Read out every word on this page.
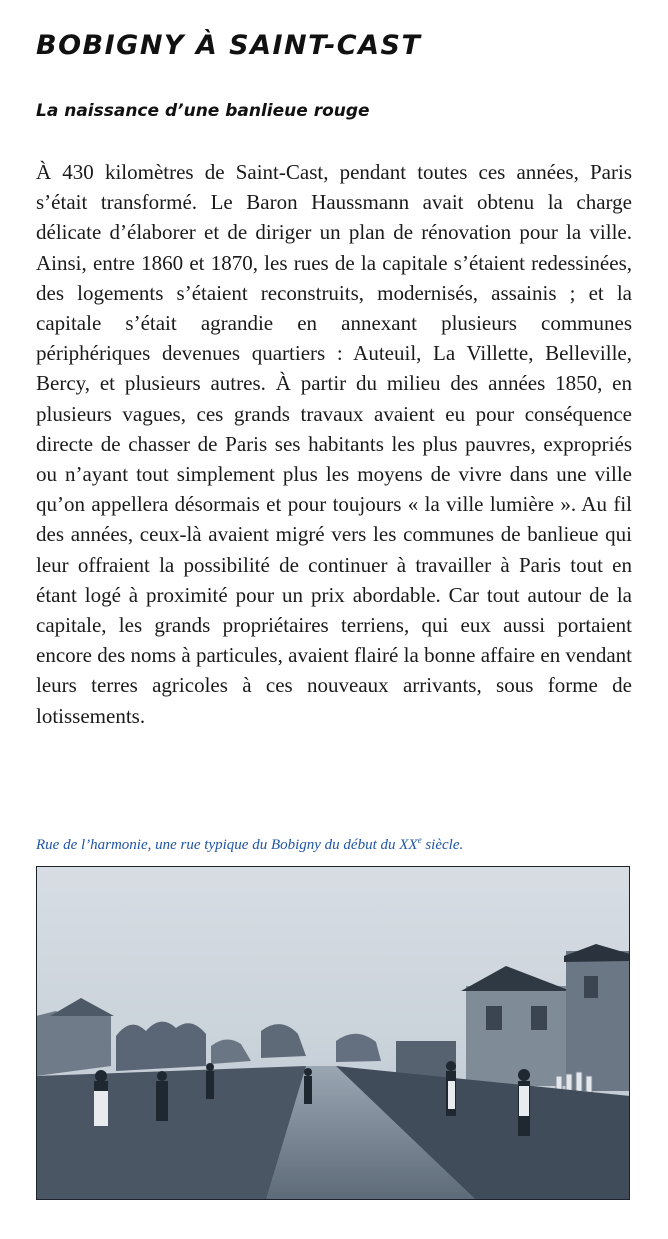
BOBIGNY À SAINT-CAST
La naissance d’une banlieue rouge

À 430 kilomètres de Saint-Cast, pendant toutes ces années, Paris s’était transformé. Le Baron Haussmann avait obtenu la charge délicate d’élaborer et de diriger un plan de rénovation pour la ville. Ainsi, entre 1860 et 1870, les rues de la capitale s’étaient redessinées, des logements s’étaient reconstruits, modernisés, assainis ; et la capitale s’était agrandie en annexant plusieurs communes périphériques devenues quartiers : Auteuil, La Villette, Belleville, Bercy, et plusieurs autres. À partir du milieu des années 1850, en plusieurs vagues, ces grands travaux avaient eu pour conséquence directe de chasser de Paris ses habitants les plus pauvres, expropriés ou n’ayant tout simplement plus les moyens de vivre dans une ville qu’on appellera désormais et pour toujours « la ville lumière ». Au fil des années, ceux-là avaient migré vers les communes de banlieue qui leur offraient la possibilité de continuer à travailler à Paris tout en étant logé à proximité pour un prix abordable. Car tout autour de la capitale, les grands propriétaires terriens, qui eux aussi portaient encore des noms à particules, avaient flairé la bonne affaire en vendant leurs terres agricoles à ces nouveaux arrivants, sous forme de lotissements.

Rue de l’harmonie, une rue typique du Bobigny du début du XXe siècle.
